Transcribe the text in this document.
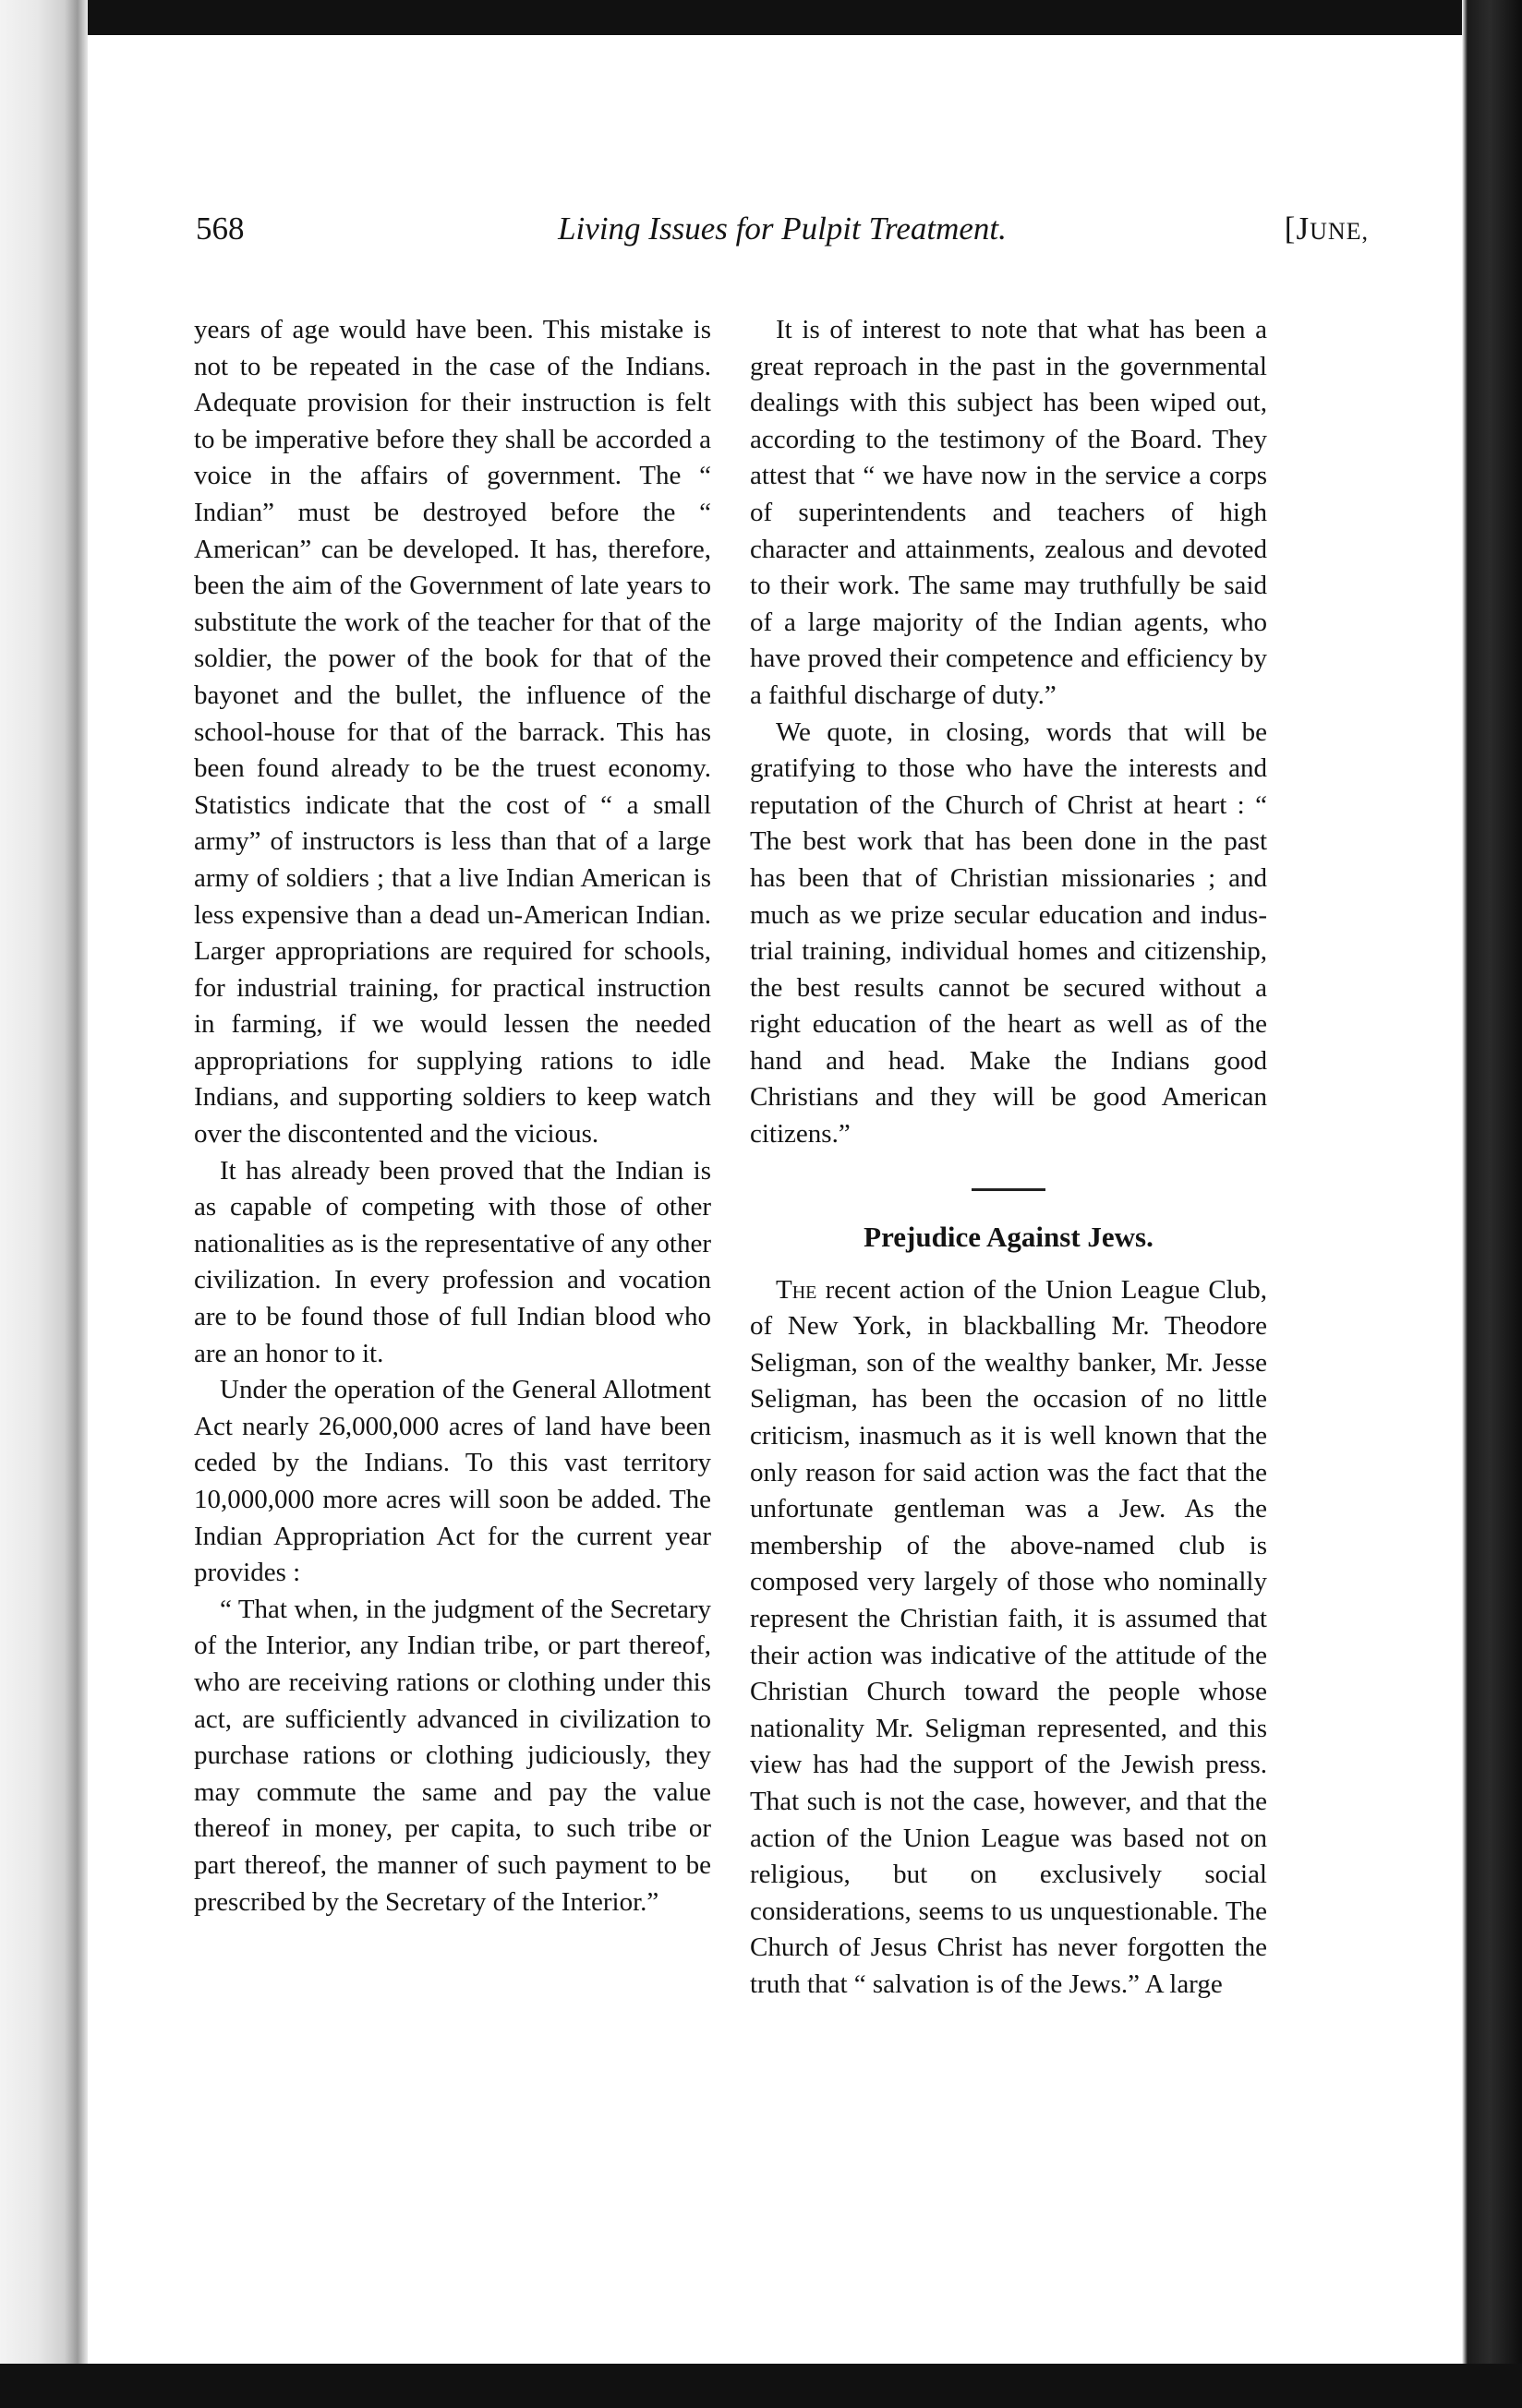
568	Living Issues for Pulpit Treatment.	[JUNE,

years of age would have been. This mistake is not to be repeated in the case of the Indians. Adequate provision for their instruction is felt to be imperative before they shall be accorded a voice in the affairs of government. The “ Indian” must be destroyed before the “ American” can be developed. It has, therefore, been the aim of the Government of late years to substitute the work of the teacher for that of the soldier, the power of the book for that of the bayonet and the bullet, the influence of the school-house for that of the barrack. This has been found already to be the truest economy. Statistics indicate that the cost of “ a small army” of instructors is less than that of a large army of soldiers ; that a live Indian American is less expensive than a dead un-American Indian. Larger appropriations are required for schools, for industrial training, for practical instruction in farming, if we would lessen the needed appropriations for supplying rations to idle Indians, and supporting soldiers to keep watch over the discontented and the vicious.

It has already been proved that the Indian is as capable of competing with those of other nationalities as is the representative of any other civilization. In every profession and vocation are to be found those of full Indian blood who are an honor to it.

Under the operation of the General Allotment Act nearly 26,000,000 acres of land have been ceded by the Indians. To this vast territory 10,000,000 more acres will soon be added. The Indian Appropriation Act for the current year provides :

“ That when, in the judgment of the Secretary of the Interior, any Indian tribe, or part thereof, who are receiving rations or clothing under this act, are sufficiently advanced in civilization to purchase rations or clothing judiciously, they may commute the same and pay the value thereof in money, per capita, to such tribe or part thereof, the manner of such payment to be prescribed by the Secretary of the Interior.”

It is of interest to note that what has been a great reproach in the past in the governmental dealings with this subject has been wiped out, according to the testimony of the Board. They attest that “ we have now in the service a corps of superintendents and teachers of high character and attainments, zealous and devoted to their work. The same may truthfully be said of a large majority of the Indian agents, who have proved their competence and efficiency by a faithful discharge of duty.”

We quote, in closing, words that will be gratifying to those who have the interests and reputation of the Church of Christ at heart : “ The best work that has been done in the past has been that of Christian missionaries ; and much as we prize secular education and industrial training, individual homes and citizenship, the best results cannot be secured without a right education of the heart as well as of the hand and head. Make the Indians good Christians and they will be good American citizens.”

Prejudice Against Jews.

The recent action of the Union League Club, of New York, in blackballing Mr. Theodore Seligman, son of the wealthy banker, Mr. Jesse Seligman, has been the occasion of no little criticism, inasmuch as it is well known that the only reason for said action was the fact that the unfortunate gentleman was a Jew. As the membership of the above-named club is composed very largely of those who nominally represent the Christian faith, it is assumed that their action was indicative of the attitude of the Christian Church toward the people whose nationality Mr. Seligman represented, and this view has had the support of the Jewish press. That such is not the case, however, and that the action of the Union League was based not on religious, but on exclusively social considerations, seems to us unquestionable. The Church of Jesus Christ has never forgotten the truth that “ salvation is of the Jews.” A large
